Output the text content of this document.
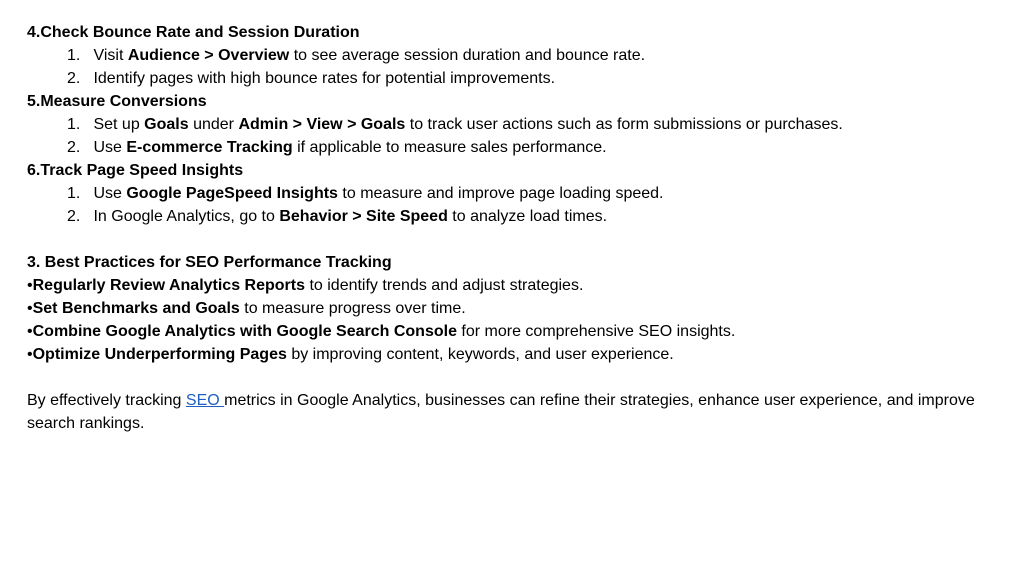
4.Check Bounce Rate and Session Duration
1. Visit Audience > Overview to see average session duration and bounce rate.
2. Identify pages with high bounce rates for potential improvements.
5.Measure Conversions
1. Set up Goals under Admin > View > Goals to track user actions such as form submissions or purchases.
2. Use E-commerce Tracking if applicable to measure sales performance.
6.Track Page Speed Insights
1. Use Google PageSpeed Insights to measure and improve page loading speed.
2. In Google Analytics, go to Behavior > Site Speed to analyze load times.
3. Best Practices for SEO Performance Tracking
•Regularly Review Analytics Reports to identify trends and adjust strategies.
•Set Benchmarks and Goals to measure progress over time.
•Combine Google Analytics with Google Search Console for more comprehensive SEO insights.
•Optimize Underperforming Pages by improving content, keywords, and user experience.

By effectively tracking SEO metrics in Google Analytics, businesses can refine their strategies, enhance user experience, and improve search rankings.
